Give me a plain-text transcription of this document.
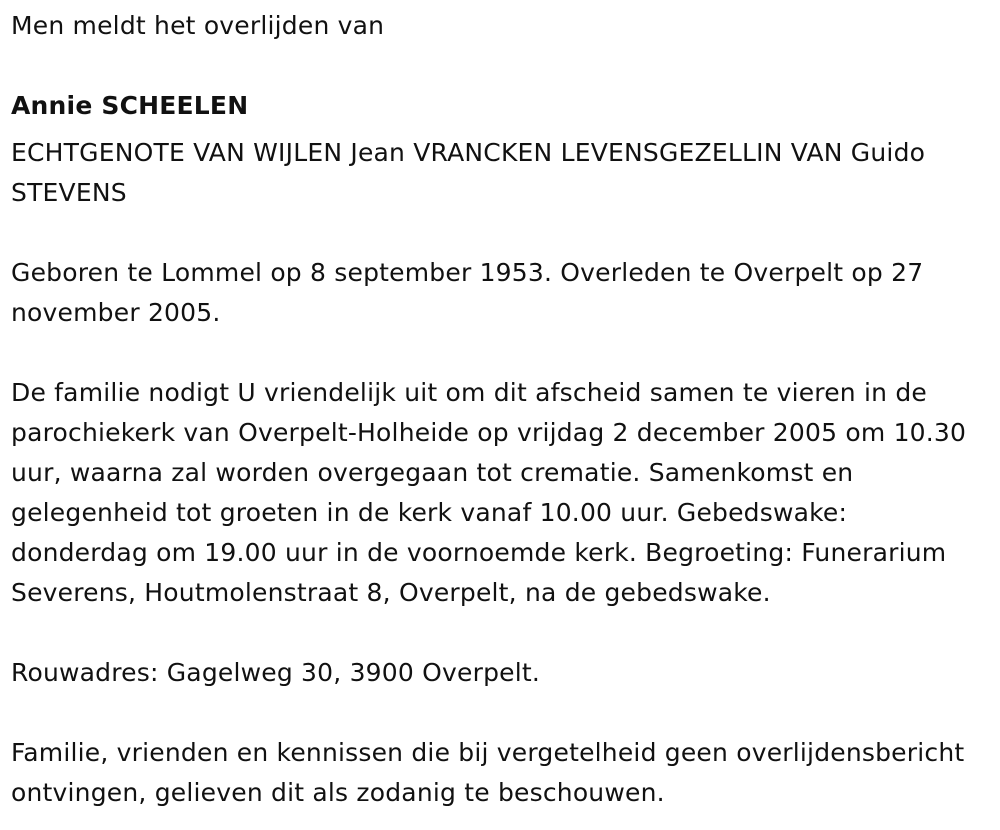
Men meldt het overlijden van

Annie SCHEELEN

ECHTGENOTE VAN WIJLEN Jean VRANCKEN LEVENSGEZELLIN VAN Guido STEVENS

Geboren te Lommel op 8 september 1953. Overleden te Overpelt op 27 november 2005.

De familie nodigt U vriendelijk uit om dit afscheid samen te vieren in de parochiekerk van Overpelt-Holheide op vrijdag 2 december 2005 om 10.30 uur, waarna zal worden overgegaan tot crematie. Samenkomst en gelegenheid tot groeten in de kerk vanaf 10.00 uur. Gebedswake: donderdag om 19.00 uur in de voornoemde kerk. Begroeting: Funerarium Severens, Houtmolenstraat 8, Overpelt, na de gebedswake.

Rouwadres: Gagelweg 30, 3900 Overpelt.

Familie, vrienden en kennissen die bij vergetelheid geen overlijdensbericht ontvingen, gelieven dit als zodanig te beschouwen.
